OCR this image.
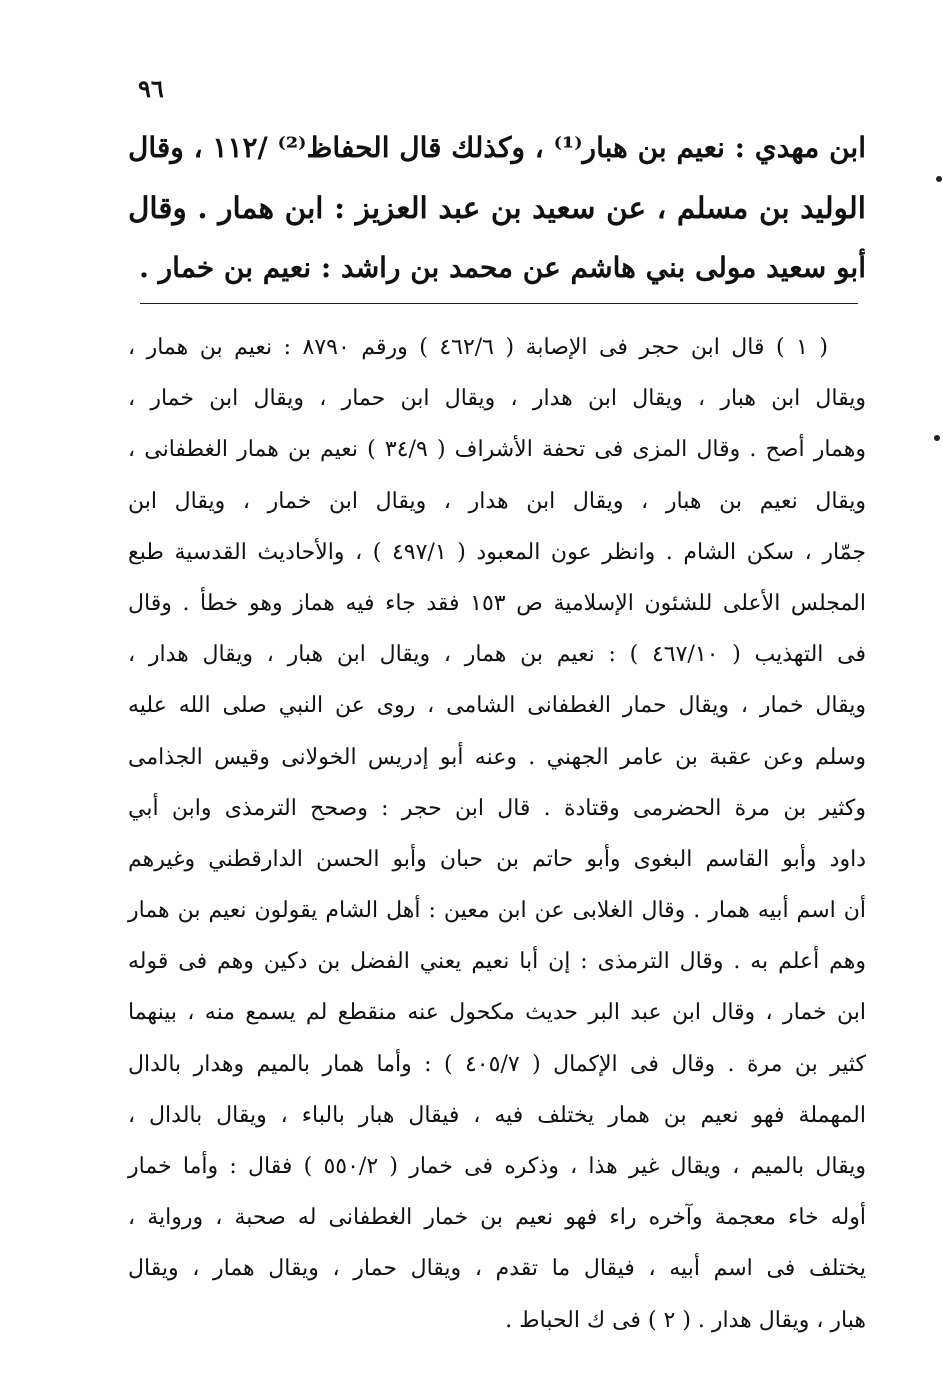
٩٦
ابن مهدي : نعيم بن هبار⁽¹⁾ ، وكذلك قال الحفاظ⁽²⁾ /١١٢ ، وقال
الوليد بن مسلم ، عن سعيد بن عبد العزيز : ابن همار . وقال
أبو سعيد مولى بني هاشم عن محمد بن راشد : نعيم بن خمار .
( ١ ) قال ابن حجر فى الإصابة ( ٤٦٢/٦ ) ورقم ٨٧٩٠ : نعيم بن همار ،
ويقال ابن هبار ، ويقال ابن هدار ، ويقال ابن حمار ، ويقال ابن خمار ،
وهمار أصح . وقال المزى فى تحفة الأشراف ( ٣٤/٩ ) نعيم بن همار الغطفانى ،
ويقال نعيم بن هبار ، ويقال ابن هدار ، ويقال ابن خمار ، ويقال ابن
جمّار ، سكن الشام . وانظر عون المعبود ( ٤٩٧/١ ) ، والأحاديث القدسية طبع
المجلس الأعلى للشئون الإسلامية ص ١٥٣ فقد جاء فيه هماز وهو خطأ . وقال
فى التهذيب ( ٤٦٧/١٠ ) : نعيم بن همار ، ويقال ابن هبار ، ويقال هدار ،
ويقال خمار ، ويقال حمار الغطفانى الشامى ، روى عن النبي صلى الله عليه
وسلم وعن عقبة بن عامر الجهني . وعنه أبو إدريس الخولانى وقيس الجذامى
وكثير بن مرة الحضرمى وقتادة . قال ابن حجر : وصحح الترمذى وابن أبي
داود وأبو القاسم البغوى وأبو حاتم بن حبان وأبو الحسن الدارقطني وغيرهم
أن اسم أبيه همار . وقال الغلابى عن ابن معين : أهل الشام يقولون نعيم بن همار
وهم أعلم به . وقال الترمذى : إن أبا نعيم يعني الفضل بن دكين وهم فى قوله
ابن خمار ، وقال ابن عبد البر حديث مكحول عنه منقطع لم يسمع منه ، بينهما
كثير بن مرة . وقال فى الإكمال ( ٤٠٥/٧ ) : وأما همار بالميم وهدار بالدال
المهملة فهو نعيم بن همار يختلف فيه ، فيقال هبار بالباء ، ويقال بالدال ،
ويقال بالميم ، ويقال غير هذا ، وذكره فى خمار ( ٥٥٠/٢ ) فقال : وأما خمار
أوله خاء معجمة وآخره راء فهو نعيم بن خمار الغطفانى له صحبة ، ورواية ،
يختلف فى اسم أبيه ، فيقال ما تقدم ، ويقال حمار ، ويقال همار ، ويقال
هبار ، ويقال هدار . ( ٢ ) فى ك الحباط .
